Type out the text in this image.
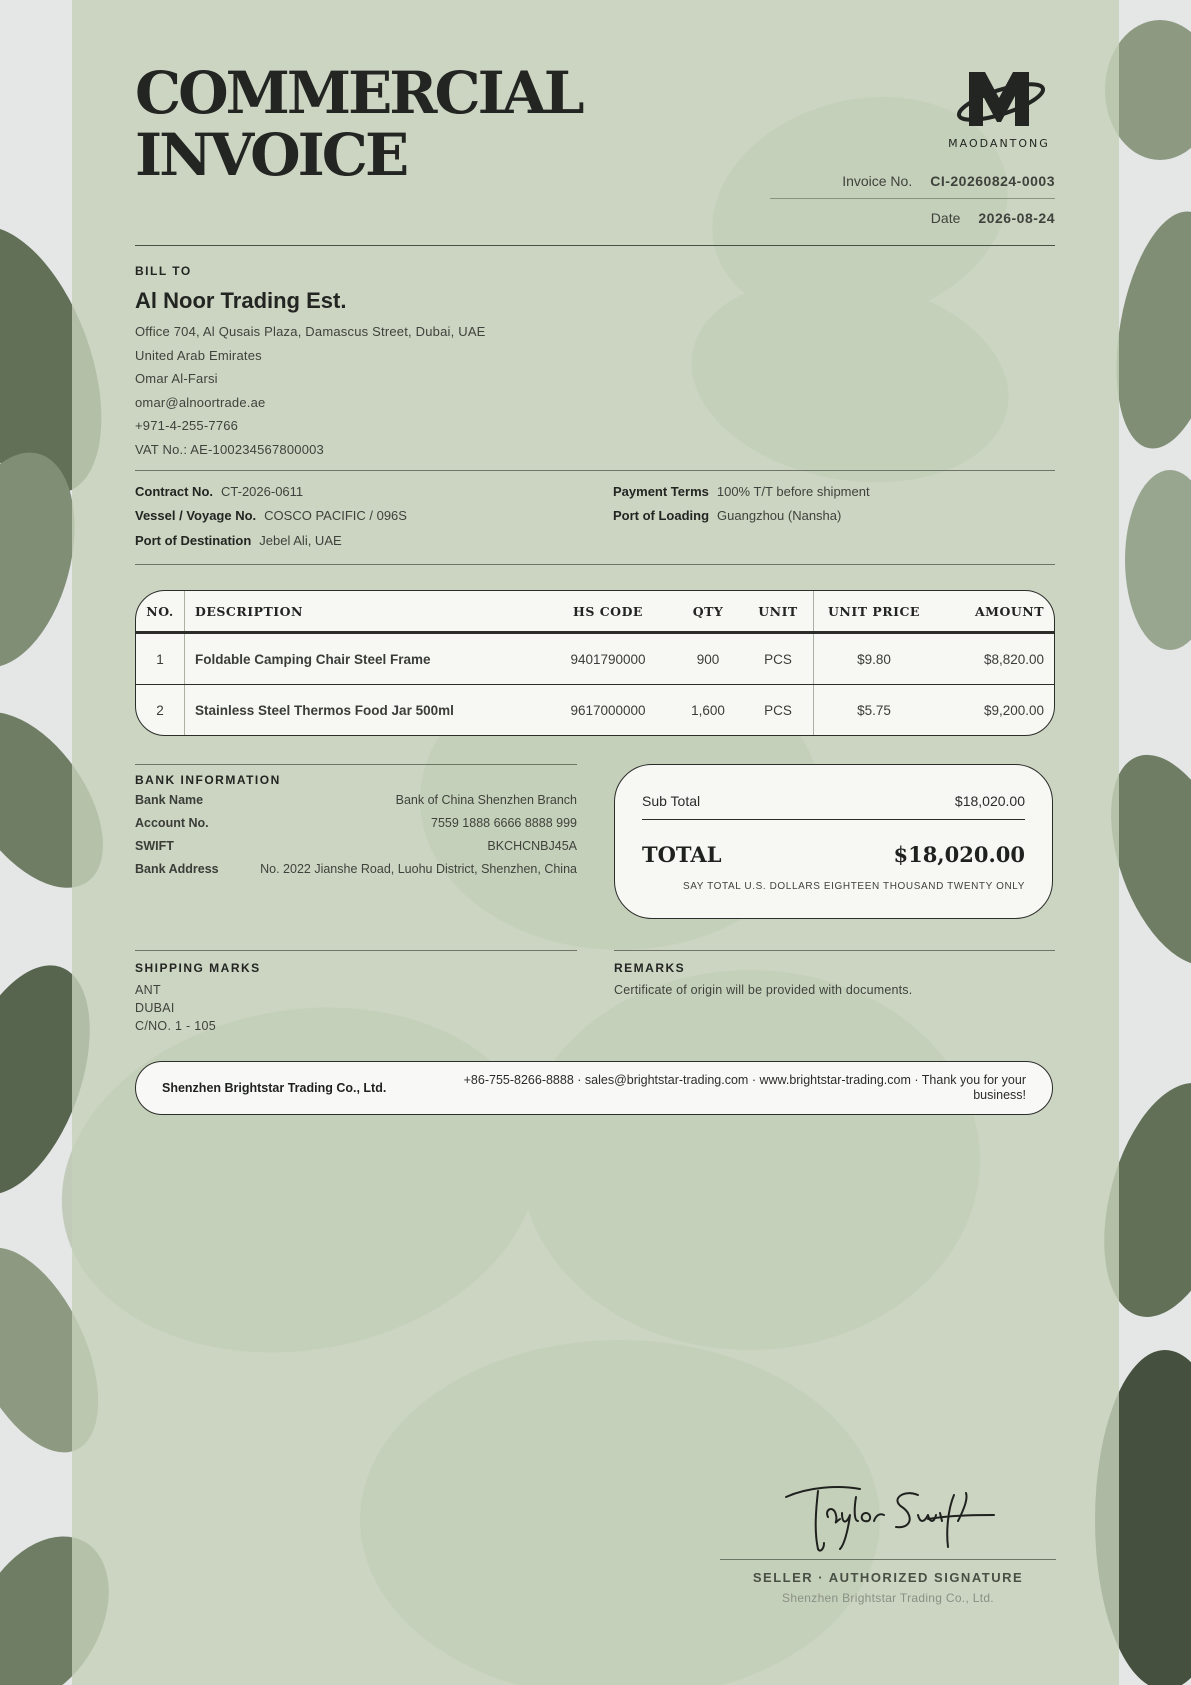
COMMERCIAL
INVOICE	MAODANTONG
Invoice No. CI-20260824-0003
Date 2026-08-24
BILL TO
Al Noor Trading Est.
Office 704, Al Qusais Plaza, Damascus Street, Dubai, UAE
United Arab Emirates
Omar Al-Farsi
omar@alnoortrade.ae
+971-4-255-7766
VAT No.: AE-100234567800003
Contract No. CT-2026-0611
Vessel / Voyage No. COSCO PACIFIC / 096S
Port of Destination Jebel Ali, UAE
Payment Terms 100% T/T before shipment
Port of Loading Guangzhou (Nansha)
NO.	DESCRIPTION	HS CODE	QTY	UNIT	UNIT PRICE	AMOUNT
1	Foldable Camping Chair Steel Frame	9401790000	900	PCS	$9.80	$8,820.00
2	Stainless Steel Thermos Food Jar 500ml	9617000000	1,600	PCS	$5.75	$9,200.00
BANK INFORMATION
Bank Name	Bank of China Shenzhen Branch
Account No.	7559 1888 6666 8888 999
SWIFT	BKCHCNBJ45A
Bank Address	No. 2022 Jianshe Road, Luohu District, Shenzhen, China
Sub Total	$18,020.00
TOTAL	$18,020.00
SAY TOTAL U.S. DOLLARS EIGHTEEN THOUSAND TWENTY ONLY
SHIPPING MARKS
ANT
DUBAI
C/NO. 1 - 105
REMARKS
Certificate of origin will be provided with documents.
Shenzhen Brightstar Trading Co., Ltd.
+86-755-8266-8888 · sales@brightstar-trading.com · www.brightstar-trading.com · Thank you for your business!
SELLER · AUTHORIZED SIGNATURE
Shenzhen Brightstar Trading Co., Ltd.
